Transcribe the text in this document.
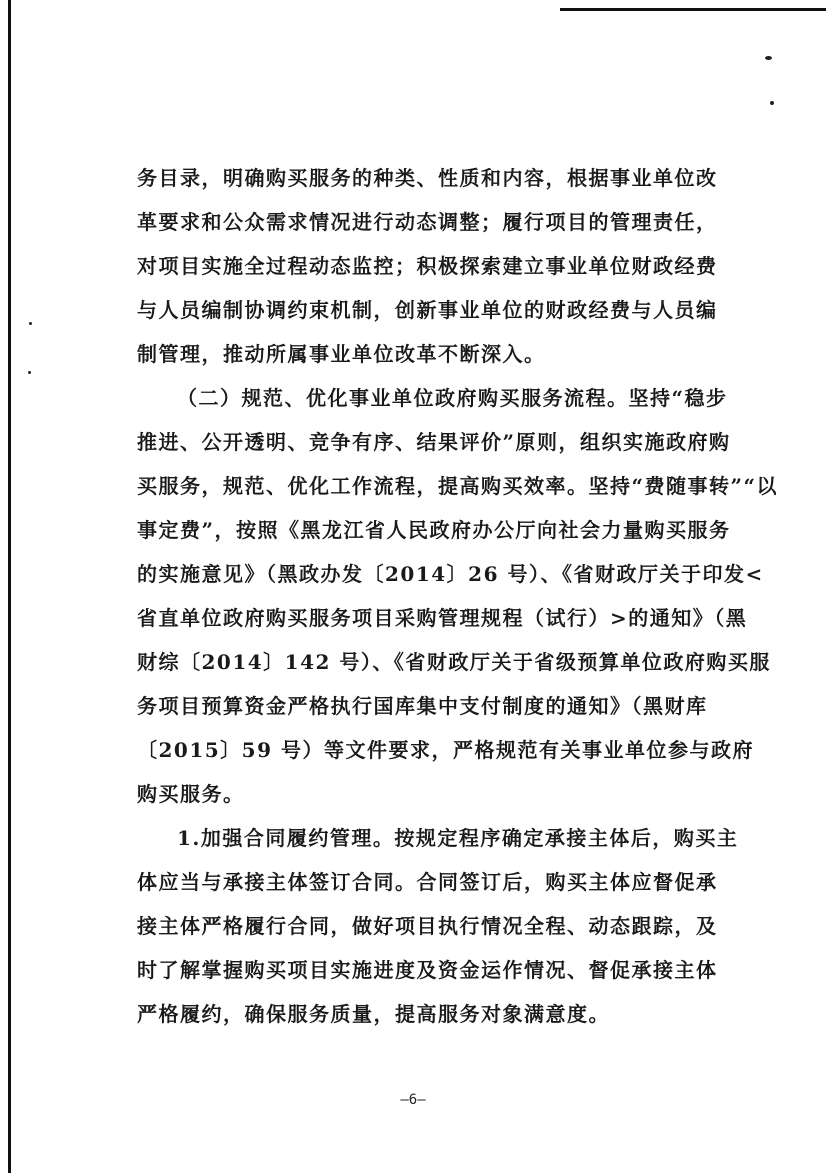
务目录，明确购买服务的种类、性质和内容，根据事业单位改
革要求和公众需求情况进行动态调整；履行项目的管理责任，
对项目实施全过程动态监控；积极探索建立事业单位财政经费
与人员编制协调约束机制，创新事业单位的财政经费与人员编
制管理，推动所属事业单位改革不断深入。
（二）规范、优化事业单位政府购买服务流程。坚持“稳步
推进、公开透明、竞争有序、结果评价”原则，组织实施政府购
买服务，规范、优化工作流程，提高购买效率。坚持“费随事转”“以
事定费”，按照《黑龙江省人民政府办公厅向社会力量购买服务
的实施意见》（黑政办发〔2014〕26 号）、《省财政厅关于印发<
省直单位政府购买服务项目采购管理规程（试行）>的通知》（黑
财综〔2014〕142 号）、《省财政厅关于省级预算单位政府购买服
务项目预算资金严格执行国库集中支付制度的通知》（黑财库
〔2015〕59 号）等文件要求，严格规范有关事业单位参与政府
购买服务。
1.加强合同履约管理。按规定程序确定承接主体后，购买主
体应当与承接主体签订合同。合同签订后，购买主体应督促承
接主体严格履行合同，做好项目执行情况全程、动态跟踪，及
时了解掌握购买项目实施进度及资金运作情况、督促承接主体
严格履约，确保服务质量，提高服务对象满意度。
—6—
